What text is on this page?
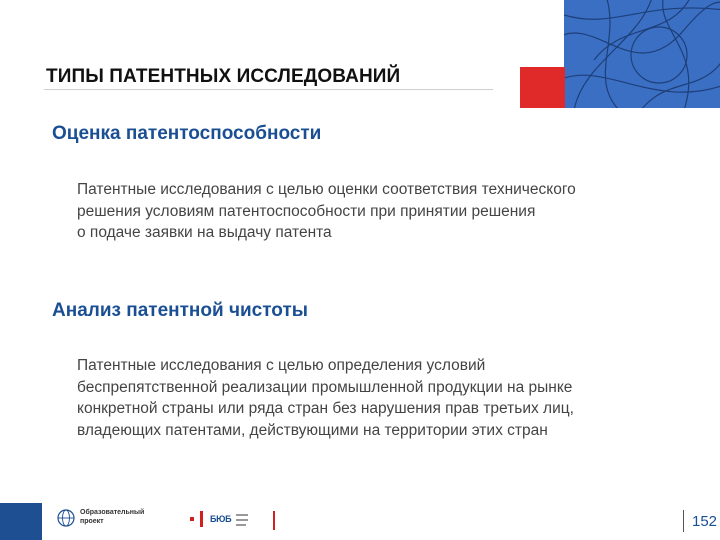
ТИПЫ ПАТЕНТНЫХ ИССЛЕДОВАНИЙ
Оценка патентоспособности

Патентные исследования с целью оценки соответствия технического
решения условиям патентоспособности при принятии решения
о подаче заявки на выдачу патента

Анализ патентной чистоты

Патентные исследования с целью определения условий
беспрепятственной реализации промышленной продукции на рынке
конкретной страны или ряда стран без нарушения прав третьих лиц,
владеющих патентами, действующими на территории этих стран

Образовательный проект	БЮБ	152
